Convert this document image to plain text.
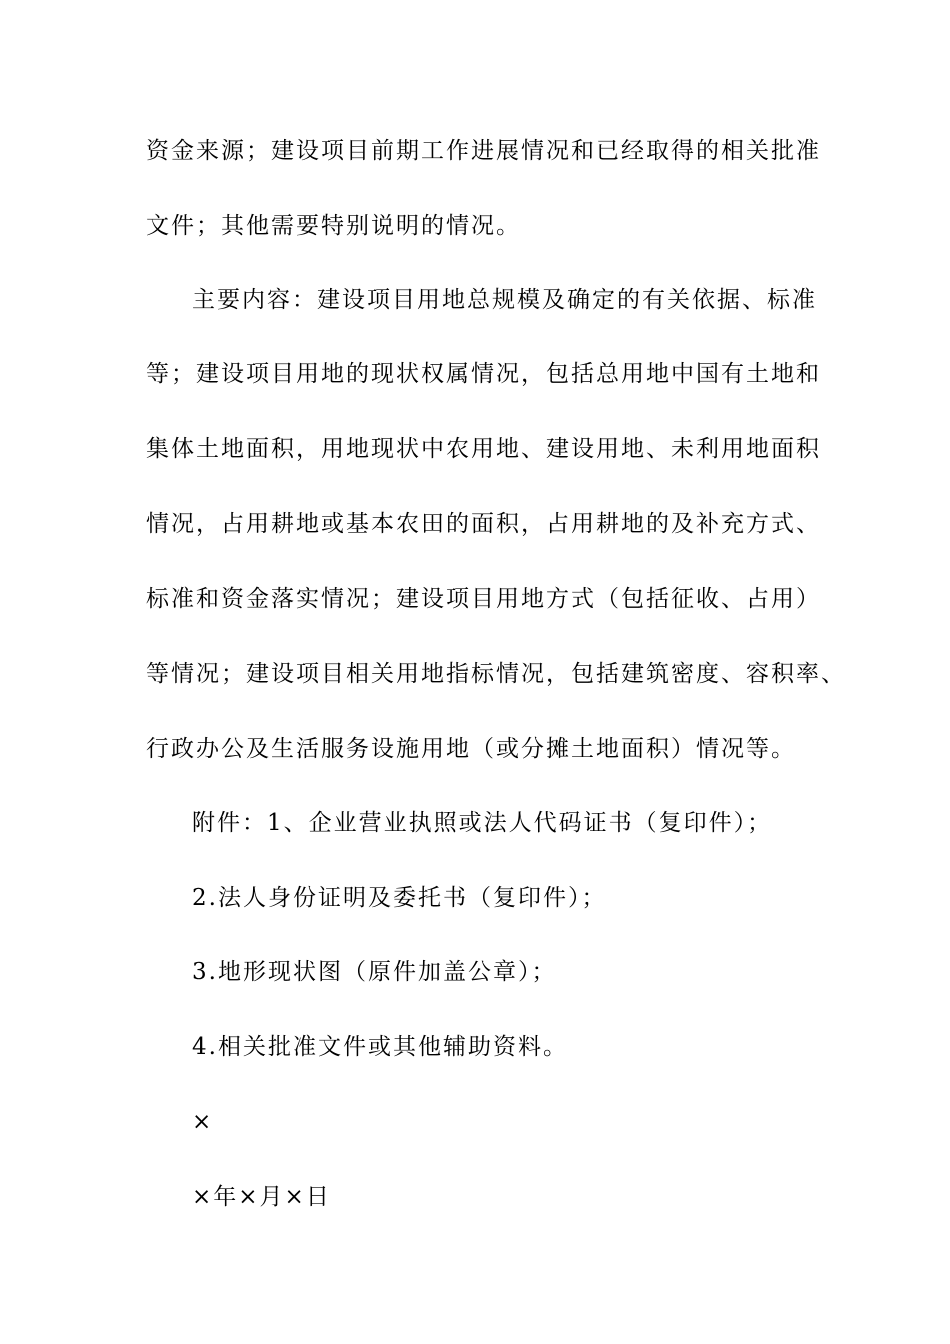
资金来源；建设项目前期工作进展情况和已经取得的相关批准
文件；其他需要特别说明的情况。
主要内容：建设项目用地总规模及确定的有关依据、标准
等；建设项目用地的现状权属情况，包括总用地中国有土地和
集体土地面积，用地现状中农用地、建设用地、未利用地面积
情况，占用耕地或基本农田的面积，占用耕地的及补充方式、
标准和资金落实情况；建设项目用地方式（包括征收、占用）
等情况；建设项目相关用地指标情况，包括建筑密度、容积率、
行政办公及生活服务设施用地（或分摊土地面积）情况等。
附件：1、企业营业执照或法人代码证书（复印件）；
2.法人身份证明及委托书（复印件）；
3.地形现状图（原件加盖公章）；
4.相关批准文件或其他辅助资料。
×
×年×月×日
